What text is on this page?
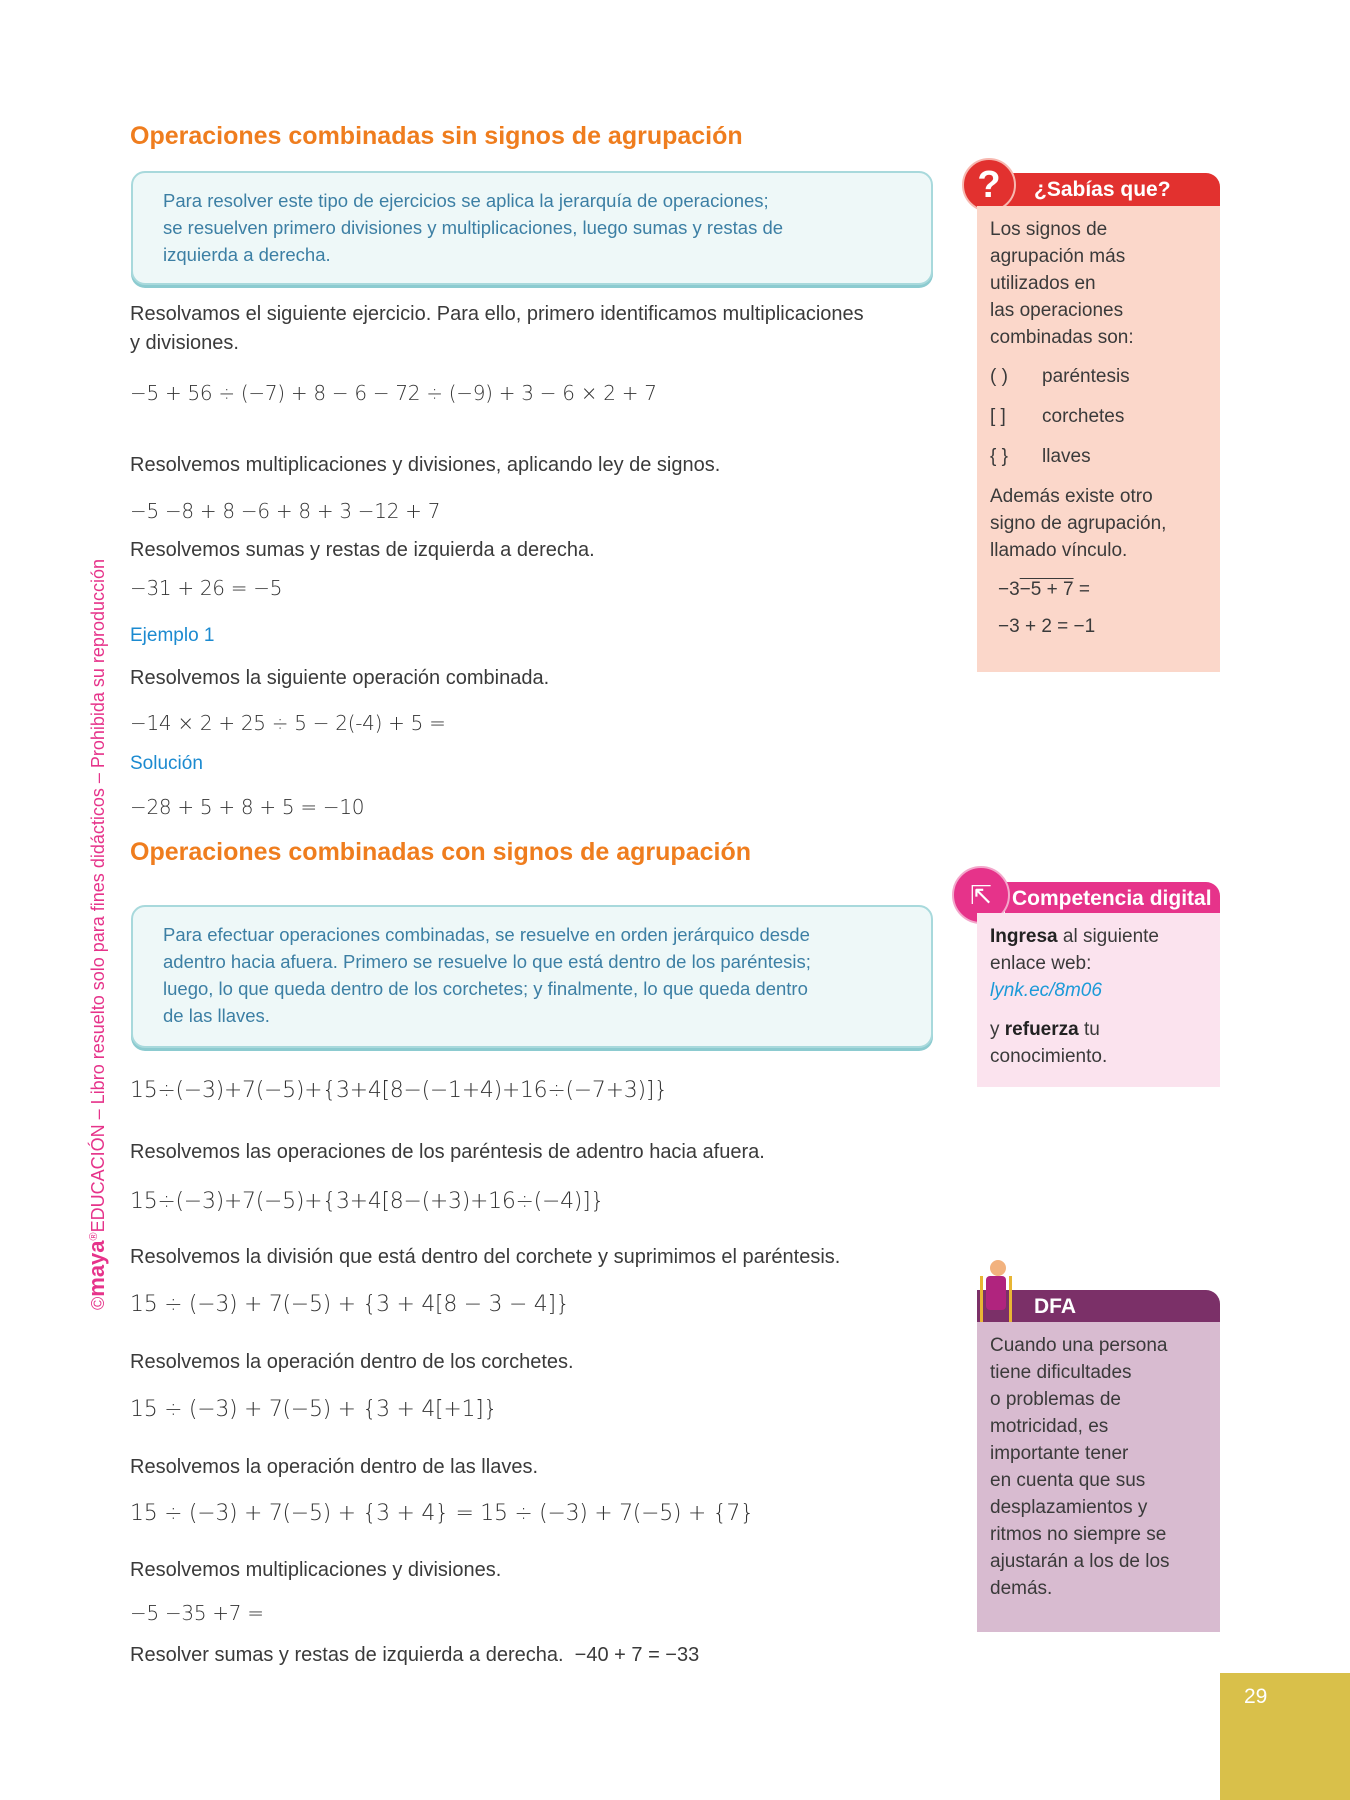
©maya®EDUCACIÓN – Libro resuelto solo para fines didácticos – Prohibida su reproducción
Operaciones combinadas sin signos de agrupación
Para resolver este tipo de ejercicios se aplica la jerarquía de operaciones;
se resuelven primero divisiones y multiplicaciones, luego sumas y restas de
izquierda a derecha.
Resolvamos el siguiente ejercicio. Para ello, primero identificamos multiplicaciones
y divisiones.
−5 + 56 ÷ (−7) + 8 − 6 − 72 ÷ (−9) + 3 − 6 × 2 + 7
Resolvemos multiplicaciones y divisiones, aplicando ley de signos.
−5 −8 + 8 −6 + 8 + 3 −12 + 7
Resolvemos sumas y restas de izquierda a derecha.
−31 + 26 = −5
Ejemplo 1
Resolvemos la siguiente operación combinada.
−14 × 2 + 25 ÷ 5 − 2(-4) + 5 =
Solución
−28 + 5 + 8 + 5 = −10
Operaciones combinadas con signos de agrupación
Para efectuar operaciones combinadas, se resuelve en orden jerárquico desde
adentro hacia afuera. Primero se resuelve lo que está dentro de los paréntesis;
luego, lo que queda dentro de los corchetes; y finalmente, lo que queda dentro
de las llaves.
15÷(−3)+7(−5)+{3+4[8−(−1+4)+16÷(−7+3)]}
Resolvemos las operaciones de los paréntesis de adentro hacia afuera.
15÷(−3)+7(−5)+{3+4[8−(+3)+16÷(−4)]}
Resolvemos la división que está dentro del corchete y suprimimos el paréntesis.
15 ÷ (−3) + 7(−5) + {3 + 4[8 − 3 − 4]}
Resolvemos la operación dentro de los corchetes.
15 ÷ (−3) + 7(−5) + {3 + 4[+1]}
Resolvemos la operación dentro de las llaves.
15 ÷ (−3) + 7(−5) + {3 + 4} = 15 ÷ (−3) + 7(−5) + {7}
Resolvemos multiplicaciones y divisiones.
−5 −35 +7 =
Resolver sumas y restas de izquierda a derecha. −40 + 7 = −33
¿Sabías que?
?

Los signos de
agrupación más
utilizados en
las operaciones
combinadas son:

( )	paréntesis
[ ]	corchetes
{ }	llaves

Además existe otro
signo de agrupación,
llamado vínculo.

−3−5 + 7 =
−3 + 2 = −1
Competencia digital
⇱

Ingresa al siguiente
enlace web:
lynk.ec/8m06

y refuerza tu
conocimiento.

DFA
Cuando una persona
tiene dificultades
o problemas de
motricidad, es
importante tener
en cuenta que sus
desplazamientos y
ritmos no siempre se
ajustarán a los de los
demás.
29
